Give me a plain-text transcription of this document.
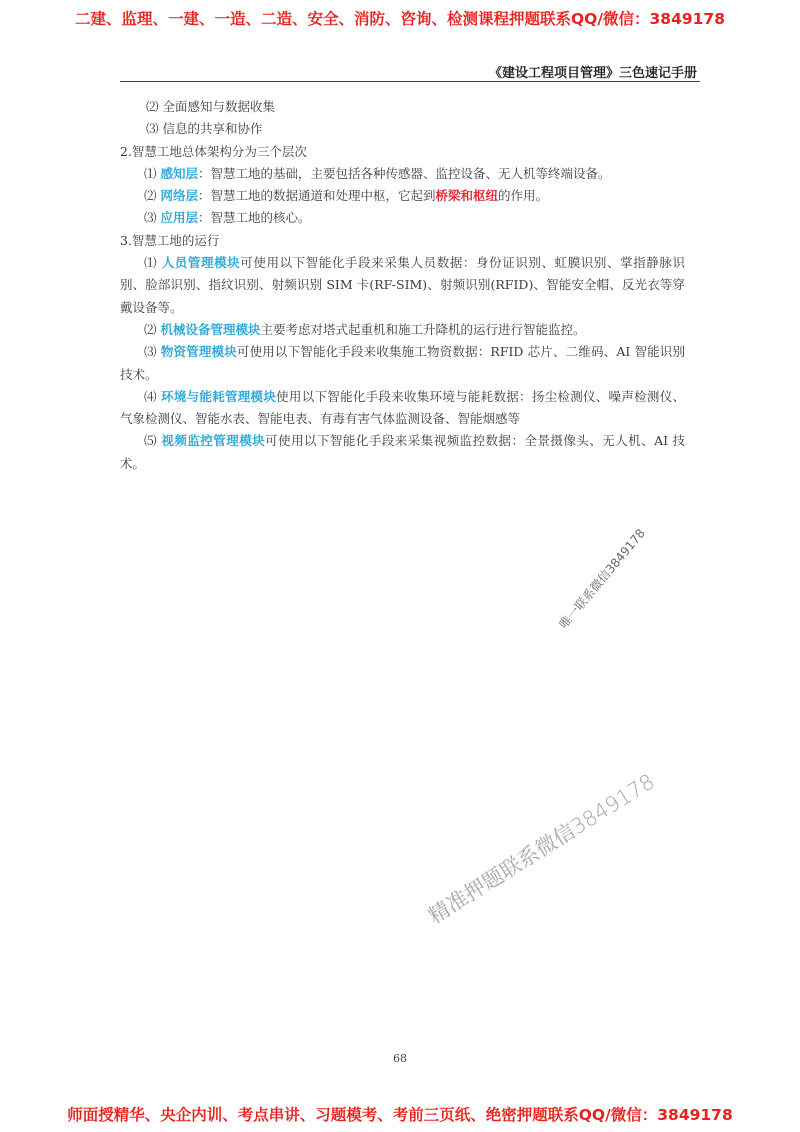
二建、监理、一建、一造、二造、安全、消防、咨询、检测课程押题联系QQ/微信：3849178
《建设工程项目管理》三色速记手册
⑵ 全面感知与数据收集
⑶ 信息的共享和协作
2.智慧工地总体架构分为三个层次
⑴ 感知层：智慧工地的基础，主要包括各种传感器、监控设备、无人机等终端设备。
⑵ 网络层：智慧工地的数据通道和处理中枢，它起到桥梁和枢纽的作用。
⑶ 应用层：智慧工地的核心。
3.智慧工地的运行
⑴ 人员管理模块可使用以下智能化手段来采集人员数据：身份证识别、虹膜识别、掌指静脉识别、脸部识别、指纹识别、射频识别 SIM 卡(RF-SIM)、射频识别(RFID)、智能安全帽、反光衣等穿戴设备等。
⑵ 机械设备管理模块主要考虑对塔式起重机和施工升降机的运行进行智能监控。
⑶ 物资管理模块可使用以下智能化手段来收集施工物资数据：RFID 芯片、二维码、AI 智能识别技术。
⑷ 环境与能耗管理模块使用以下智能化手段来收集环境与能耗数据：扬尘检测仪、噪声检测仪、气象检测仪、智能水表、智能电表、有毒有害气体监测设备、智能烟感等
⑸ 视频监控管理模块可使用以下智能化手段来采集视频监控数据：全景摄像头、无人机、AI 技术。
唯一联系微信3849178
精准押题联系微信3849178
68
师面授精华、央企内训、考点串讲、习题模考、考前三页纸、绝密押题联系QQ/微信：3849178
